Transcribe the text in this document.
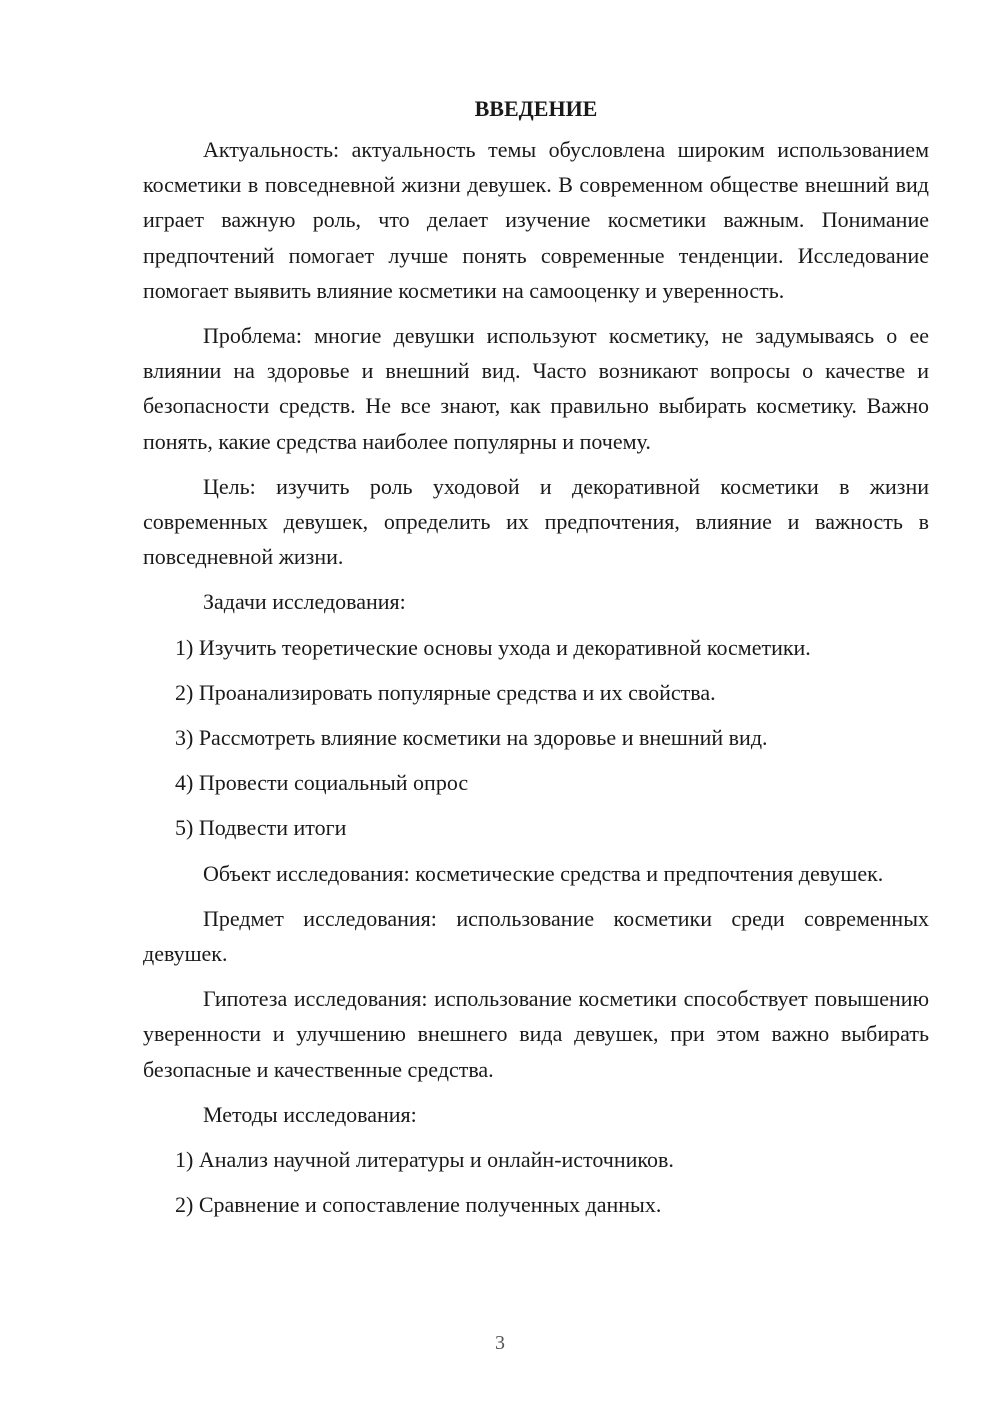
ВВЕДЕНИЕ

Актуальность: актуальность темы обусловлена широким использованием косметики в повседневной жизни девушек. В современном обществе внешний вид играет важную роль, что делает изучение косметики важным. Понимание предпочтений помогает лучше понять современные тенденции. Исследование помогает выявить влияние косметики на самооценку и уверенность.

Проблема: многие девушки используют косметику, не задумываясь о ее влиянии на здоровье и внешний вид. Часто возникают вопросы о качестве и безопасности средств. Не все знают, как правильно выбирать косметику. Важно понять, какие средства наиболее популярны и почему.

Цель: изучить роль уходовой и декоративной косметики в жизни современных девушек, определить их предпочтения, влияние и важность в повседневной жизни.

Задачи исследования:

1) Изучить теоретические основы ухода и декоративной косметики.
2) Проанализировать популярные средства и их свойства.
3) Рассмотреть влияние косметики на здоровье и внешний вид.
4) Провести социальный опрос
5) Подвести итоги

Объект исследования: косметические средства и предпочтения девушек.

Предмет исследования: использование косметики среди современных девушек.

Гипотеза исследования: использование косметики способствует повышению уверенности и улучшению внешнего вида девушек, при этом важно выбирать безопасные и качественные средства.

Методы исследования:

1) Анализ научной литературы и онлайн-источников.
2) Сравнение и сопоставление полученных данных.
3
